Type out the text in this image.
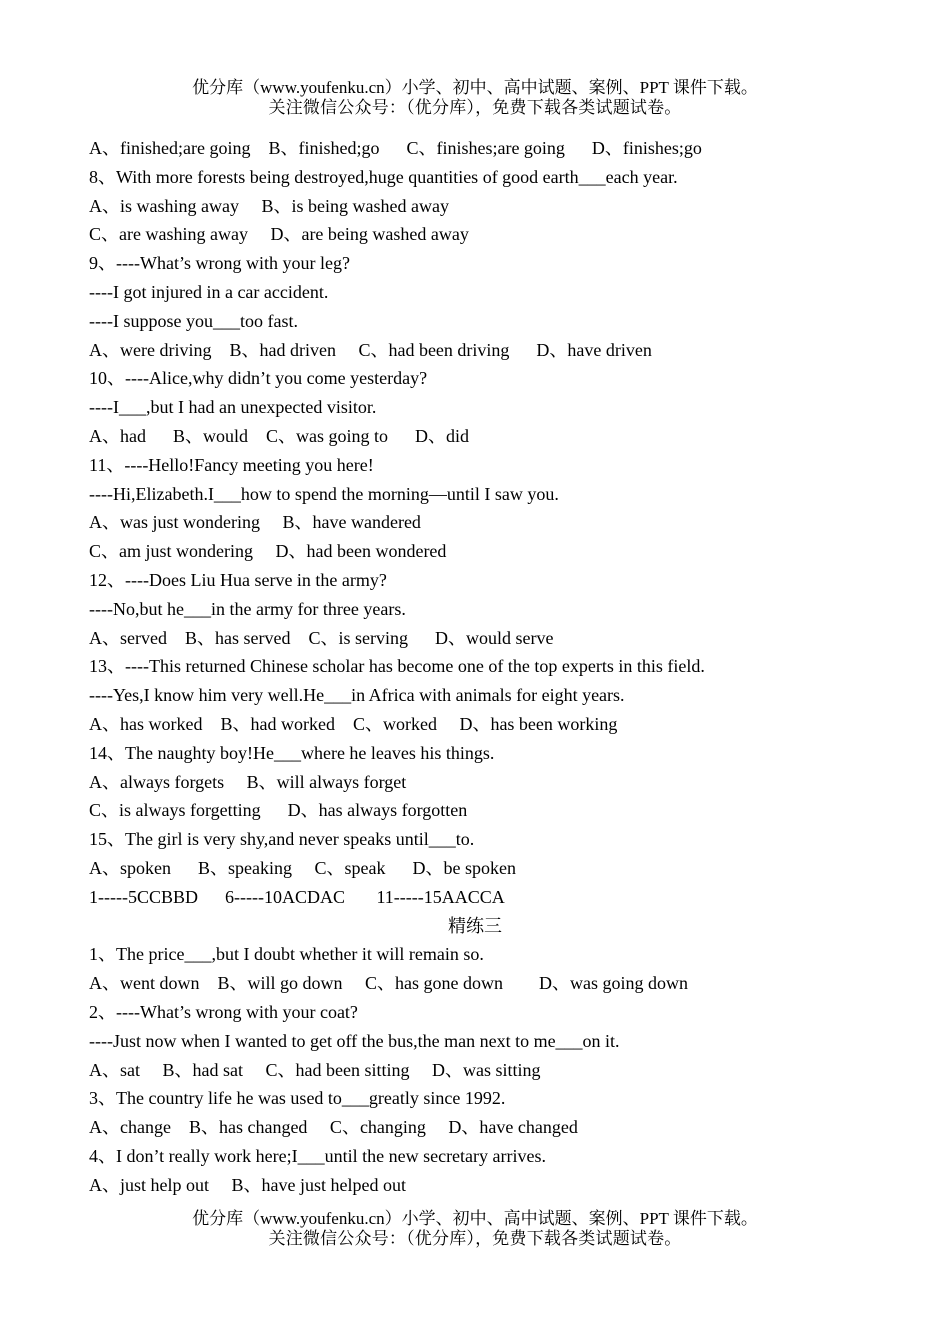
优分库（www.youfenku.cn）小学、初中、高中试题、案例、PPT 课件下载。
关注微信公众号：（优分库），免费下载各类试题试卷。
A、finished;are going    B、finished;go      C、finishes;are going      D、finishes;go
8、With more forests being destroyed,huge quantities of good earth___each year.
A、is washing away     B、is being washed away
C、are washing away     D、are being washed away
9、----What’s wrong with your leg?
----I got injured in a car accident.
----I suppose you___too fast.
A、were driving    B、had driven     C、had been driving      D、have driven
10、----Alice,why didn’t you come yesterday?
----I___,but I had an unexpected visitor.
A、had      B、would    C、was going to      D、did
11、----Hello!Fancy meeting you here!
----Hi,Elizabeth.I___how to spend the morning—until I saw you.
A、was just wondering     B、have wandered
C、am just wondering     D、had been wondered
12、----Does Liu Hua serve in the army?
----No,but he___in the army for three years.
A、served    B、has served    C、is serving      D、would serve
13、----This returned Chinese scholar has become one of the top experts in this field.
----Yes,I know him very well.He___in Africa with animals for eight years.
A、has worked    B、had worked    C、worked     D、has been working
14、The naughty boy!He___where he leaves his things.
A、always forgets     B、will always forget
C、is always forgetting      D、has always forgotten
15、The girl is very shy,and never speaks until___to.
A、spoken      B、speaking     C、speak      D、be spoken
1-----5CCBBD      6-----10ACDAC       11-----15AACCA
精练三
1、The price___,but I doubt whether it will remain so.
A、went down    B、will go down     C、has gone down        D、was going down
2、----What’s wrong with your coat?
----Just now when I wanted to get off the bus,the man next to me___on it.
A、sat     B、had sat     C、had been sitting     D、was sitting
3、The country life he was used to___greatly since 1992.
A、change    B、has changed     C、changing     D、have changed
4、I don’t really work here;I___until the new secretary arrives.
A、just help out     B、have just helped out
优分库（www.youfenku.cn）小学、初中、高中试题、案例、PPT 课件下载。
关注微信公众号：（优分库），免费下载各类试题试卷。
